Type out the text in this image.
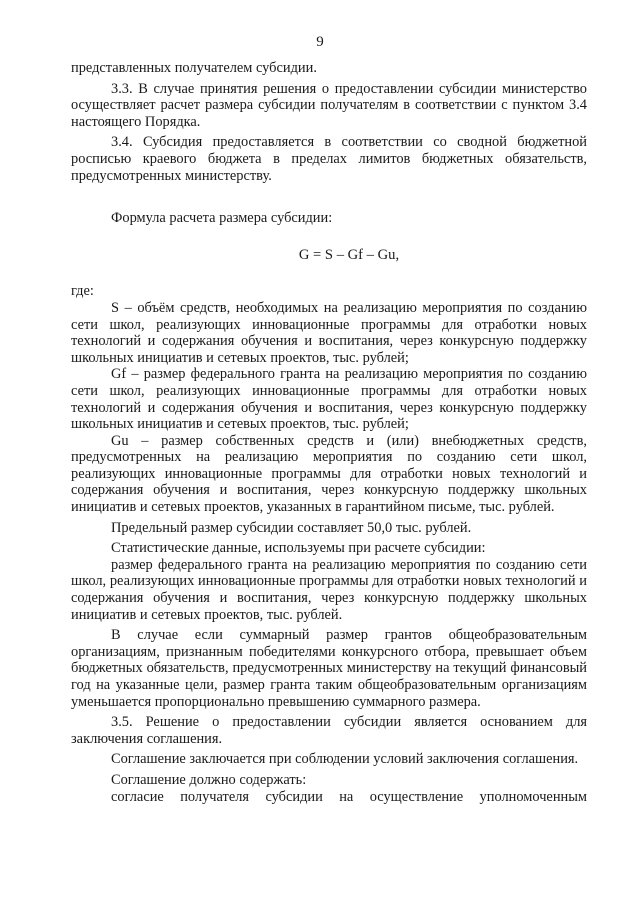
9

представленных получателем субсидии.

3.3. В случае принятия решения о предоставлении субсидии министерство осуществляет расчет размера субсидии получателям в соответствии с пунктом 3.4 настоящего Порядка.

3.4. Субсидия предоставляется в соответствии со сводной бюджетной росписью краевого бюджета в пределах лимитов бюджетных обязательств, предусмотренных министерству.

Формула расчета размера субсидии:

G = S – Gf – Gu,

где:

S – объём средств, необходимых на реализацию мероприятия по созданию сети школ, реализующих инновационные программы для отработки новых технологий и содержания обучения и воспитания, через конкурсную поддержку школьных инициатив и сетевых проектов, тыс. рублей;

Gf – размер федерального гранта на реализацию мероприятия по созданию сети школ, реализующих инновационные программы для отработки новых технологий и содержания обучения и воспитания, через конкурсную поддержку школьных инициатив и сетевых проектов, тыс. рублей;

Gu – размер собственных средств и (или) внебюджетных средств, предусмотренных на реализацию мероприятия по созданию сети школ, реализующих инновационные программы для отработки новых технологий и содержания обучения и воспитания, через конкурсную поддержку школьных инициатив и сетевых проектов, указанных в гарантийном письме, тыс. рублей.

Предельный размер субсидии составляет 50,0 тыс. рублей.

Статистические данные, используемы при расчете субсидии:

размер федерального гранта на реализацию мероприятия по созданию сети школ, реализующих инновационные программы для отработки новых технологий и содержания обучения и воспитания, через конкурсную поддержку школьных инициатив и сетевых проектов, тыс. рублей.

В случае если суммарный размер грантов общеобразовательным организациям, признанным победителями конкурсного отбора, превышает объем бюджетных обязательств, предусмотренных министерству на текущий финансовый год на указанные цели, размер гранта таким общеобразовательным организациям уменьшается пропорционально превышению суммарного размера.

3.5. Решение о предоставлении субсидии является основанием для заключения соглашения.

Соглашение заключается при соблюдении условий заключения соглашения.

Соглашение должно содержать:

согласие получателя субсидии на осуществление уполномоченным
